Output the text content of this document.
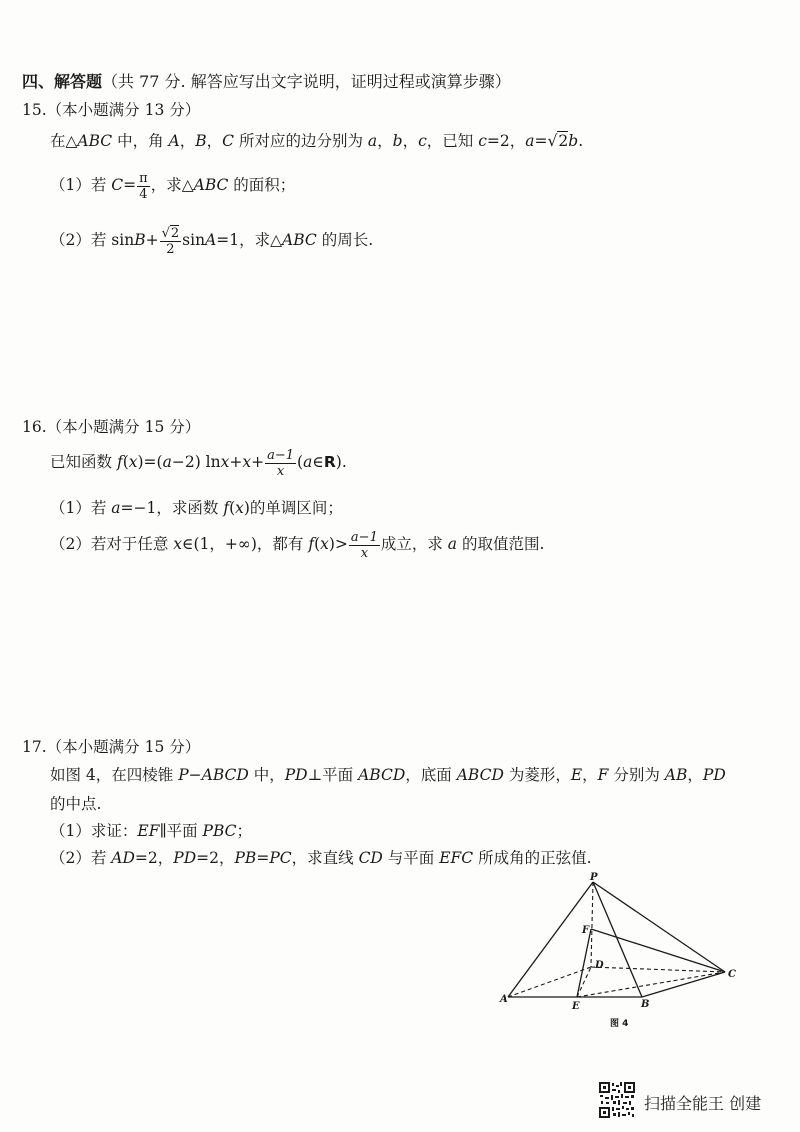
四、解答题（共 77 分. 解答应写出文字说明，证明过程或演算步骤）
15.（本小题满分 13 分）
在△ABC 中，角 A，B，C 所对应的边分别为 a，b，c，已知 c=2，a=√2b.
（1）若 $C= \frac{\pi}{4}$ ，求△ABC 的面积；
（2）若 $\sin B+ \frac{√2}{2} \sin A=1$，求△ABC 的周长.
16.（本小题满分 15 分）
已知函数 f(x)=(a−2) $\ln x+x+ \frac{a-1}{x}$ (a∈R).
（1）若 a=−1，求函数 f(x)的单调区间；
（2）若对于任意 x∈(1，+∞)，都有 $f(x)> \frac{a-1}{x}$ 成立，求 a 的取值范围.
17.（本小题满分 15 分）
如图 4，在四棱锥 P−ABCD 中，PD⊥平面 ABCD，底面 ABCD 为菱形，E，F 分别为 AB，PD
的中点.
（1）求证：EF∥平面 PBC；
（2）若 AD=2，PD=2，PB=PC，求直线 CD 与平面 EFC 所成角的正弦值.
P
F
D
C
A
E	B
图 4
扫描全能王 创建
